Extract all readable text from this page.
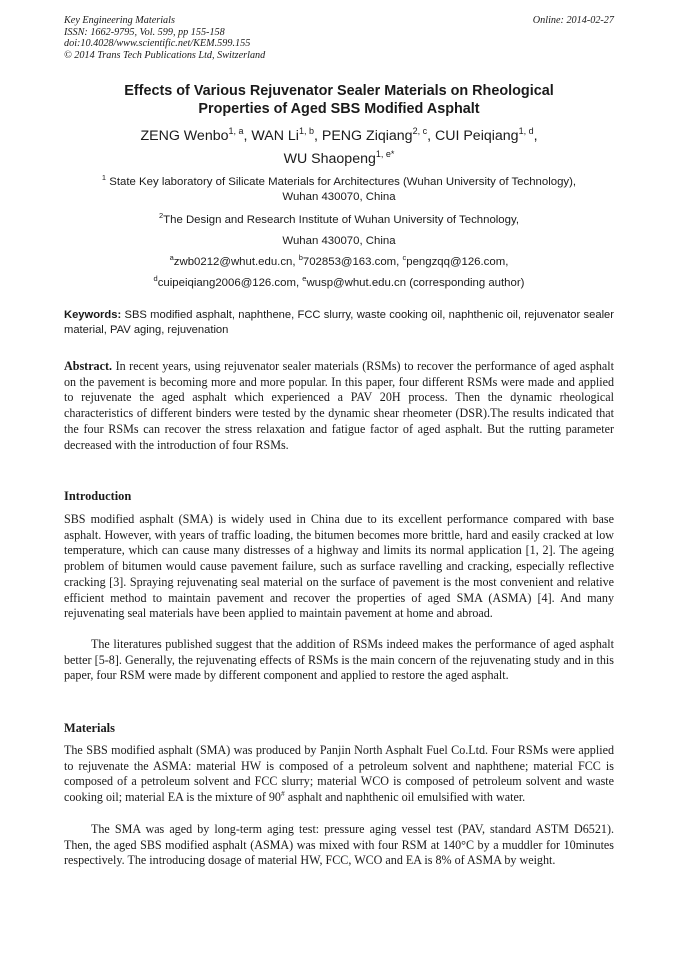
Key Engineering Materials
ISSN: 1662-9795, Vol. 599, pp 155-158
doi:10.4028/www.scientific.net/KEM.599.155
© 2014 Trans Tech Publications Ltd, Switzerland
Online: 2014-02-27
Effects of Various Rejuvenator Sealer Materials on Rheological
Properties of Aged SBS Modified Asphalt
ZENG Wenbo$^{1, a}$, WAN Li$^{1, b}$, PENG Ziqiang$^{2, c}$, CUI Peiqiang$^{1, d}$,
WU Shaopeng$^{1, e*}$
$^1$ State Key laboratory of Silicate Materials for Architectures (Wuhan University of Technology),
Wuhan 430070, China
$^2$The Design and Research Institute of Wuhan University of Technology,
Wuhan 430070, China
$^a$zwb0212@whut.edu.cn, $^b$702853@163.com, $^c$pengzqq@126.com,
$^d$cuipeiqiang2006@126.com, $^e$wusp@whut.edu.cn (corresponding author)
Keywords: SBS modified asphalt, naphthene, FCC slurry, waste cooking oil, naphthenic oil, rejuvenator sealer material, PAV aging, rejuvenation
Abstract. In recent years, using rejuvenator sealer materials (RSMs) to recover the performance of aged asphalt on the pavement is becoming more and more popular. In this paper, four different RSMs were made and applied to rejuvenate the aged asphalt which experienced a PAV 20H process. Then the dynamic rheological characteristics of different binders were tested by the dynamic shear rheometer (DSR).The results indicated that the four RSMs can recover the stress relaxation and fatigue factor of aged asphalt. But the rutting parameter decreased with the introduction of four RSMs.
Introduction
SBS modified asphalt (SMA) is widely used in China due to its excellent performance compared with base asphalt. However, with years of traffic loading, the bitumen becomes more brittle, hard and easily cracked at low temperature, which can cause many distresses of a highway and limits its normal application [1, 2]. The ageing problem of bitumen would cause pavement failure, such as surface ravelling and cracking, especially reflective cracking [3]. Spraying rejuvenating seal material on the surface of pavement is the most convenient and relative efficient method to maintain pavement and recover the properties of aged SMA (ASMA) [4]. And many rejuvenating seal materials have been applied to maintain pavement at home and abroad.
The literatures published suggest that the addition of RSMs indeed makes the performance of aged asphalt better [5-8]. Generally, the rejuvenating effects of RSMs is the main concern of the rejuvenating study and in this paper, four RSM were made by different component and applied to restore the aged asphalt.
Materials
The SBS modified asphalt (SMA) was produced by Panjin North Asphalt Fuel Co.Ltd. Four RSMs were applied to rejuvenate the ASMA: material HW is composed of a petroleum solvent and naphthene; material FCC is composed of a petroleum solvent and FCC slurry; material WCO is composed of petroleum solvent and waste cooking oil; material EA is the mixture of 90# asphalt and naphthenic oil emulsified with water.
The SMA was aged by long-term aging test: pressure aging vessel test (PAV, standard ASTM D6521). Then, the aged SBS modified asphalt (ASMA) was mixed with four RSM at 140°C by a muddler for 10minutes respectively. The introducing dosage of material HW, FCC, WCO and EA is 8% of ASMA by weight.
